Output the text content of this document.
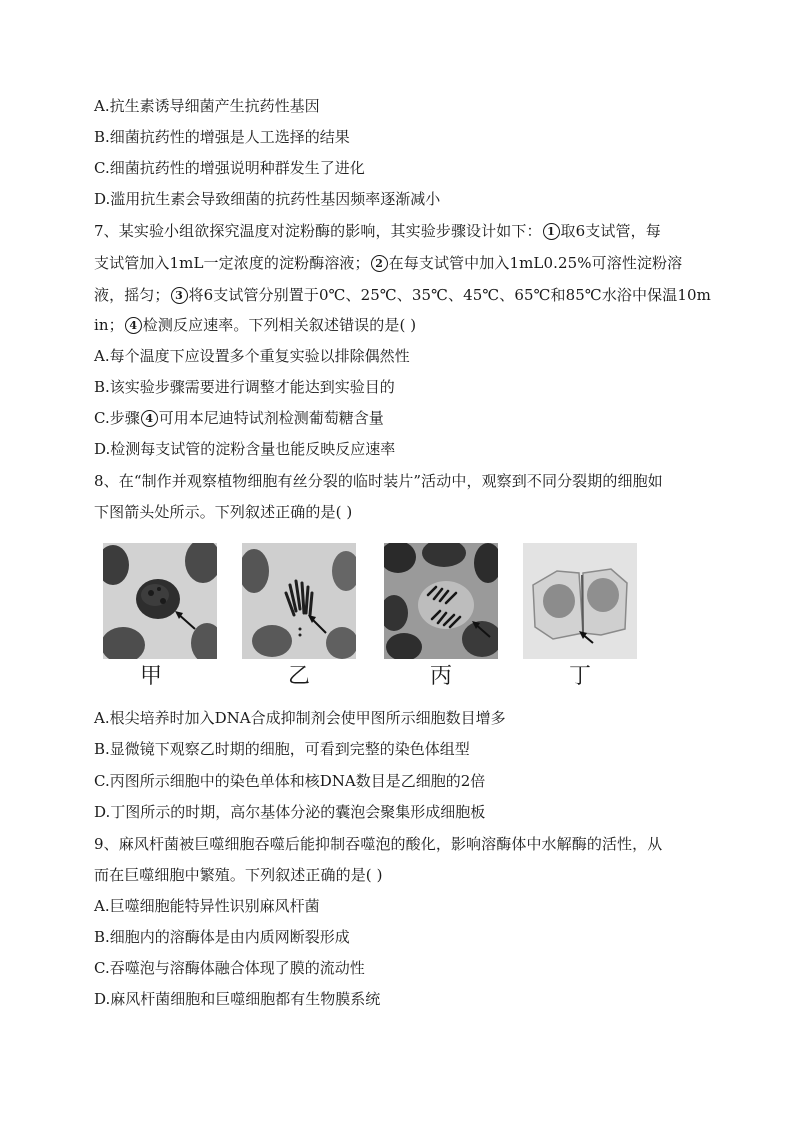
A.抗生素诱导细菌产生抗药性基因
B.细菌抗药性的增强是人工选择的结果
C.细菌抗药性的增强说明种群发生了进化
D.滥用抗生素会导致细菌的抗药性基因频率逐渐减小
7、某实验小组欲探究温度对淀粉酶的影响，其实验步骤设计如下： 1 取6支试管，每
支试管加入1mL一定浓度的淀粉酶溶液； 2 在每支试管中加入1mL0.25%可溶性淀粉溶
液，摇匀； 3 将6支试管分别置于0℃、25℃、35℃、45℃、65℃和85℃水浴中保温10m
in； 4 检测反应速率。下列相关叙述错误的是( )
A.每个温度下应设置多个重复实验以排除偶然性
B.该实验步骤需要进行调整才能达到实验目的
C.步骤 4 可用本尼迪特试剂检测葡萄糖含量
D.检测每支试管的淀粉含量也能反映反应速率
8、在“制作并观察植物细胞有丝分裂的临时装片”活动中，观察到不同分裂期的细胞如
下图箭头处所示。下列叙述正确的是( )
甲	乙	丙	丁
A.根尖培养时加入DNA合成抑制剂会使甲图所示细胞数目增多
B.显微镜下观察乙时期的细胞，可看到完整的染色体组型
C.丙图所示细胞中的染色单体和核DNA数目是乙细胞的2倍
D.丁图所示的时期，高尔基体分泌的囊泡会聚集形成细胞板
9、麻风杆菌被巨噬细胞吞噬后能抑制吞噬泡的酸化，影响溶酶体中水解酶的活性，从
而在巨噬细胞中繁殖。下列叙述正确的是( )
A.巨噬细胞能特异性识别麻风杆菌
B.细胞内的溶酶体是由内质网断裂形成
C.吞噬泡与溶酶体融合体现了膜的流动性
D.麻风杆菌细胞和巨噬细胞都有生物膜系统
